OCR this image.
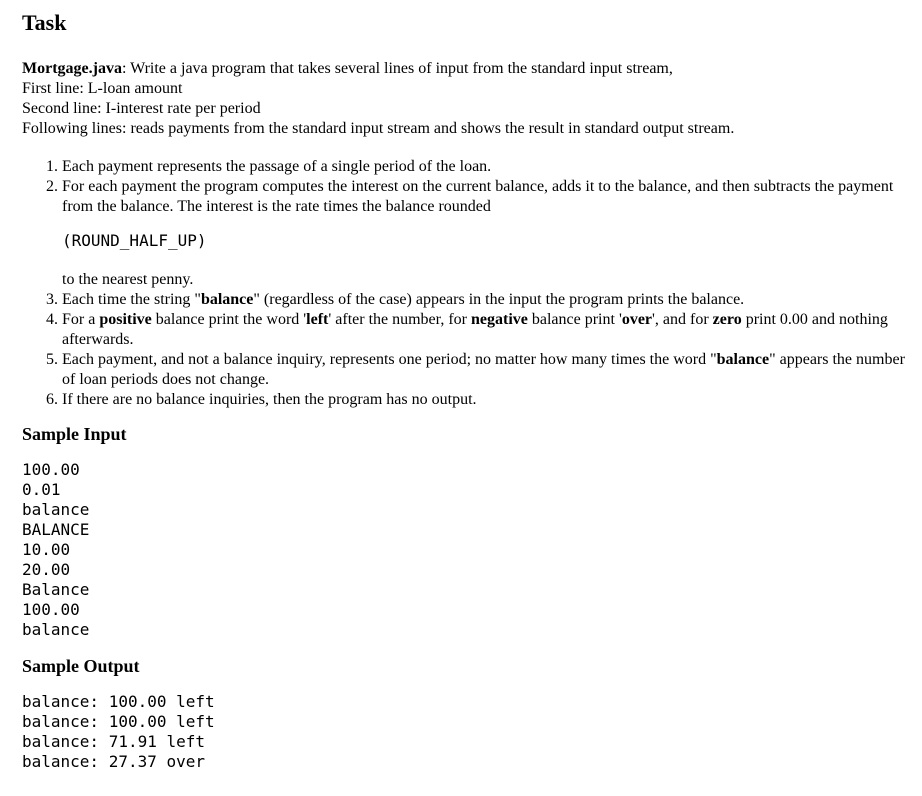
Task

Mortgage.java: Write a java program that takes several lines of input from the standard input stream,

First line: L-loan amount

Second line: I-interest rate per period

Following lines: reads payments from the standard input stream and shows the result in standard output stream.

1. Each payment represents the passage of a single period of the loan.
2. For each payment the program computes the interest on the current balance, adds it to the balance, and then subtracts the payment from the balance. The interest is the rate times the balance rounded
(ROUND_HALF_UP)
to the nearest penny.
3. Each time the string "balance" (regardless of the case) appears in the input the program prints the balance.
4. For a positive balance print the word 'left' after the number, for negative balance print 'over', and for zero print 0.00 and nothing afterwards.
5. Each payment, and not a balance inquiry, represents one period; no matter how many times the word "balance" appears the number of loan periods does not change.
6. If there are no balance inquiries, then the program has no output.
Sample Input
100.00
0.01
balance
BALANCE
10.00
20.00
Balance
100.00
balance
Sample Output
balance: 100.00 left
balance: 100.00 left
balance: 71.91 left
balance: 27.37 over
